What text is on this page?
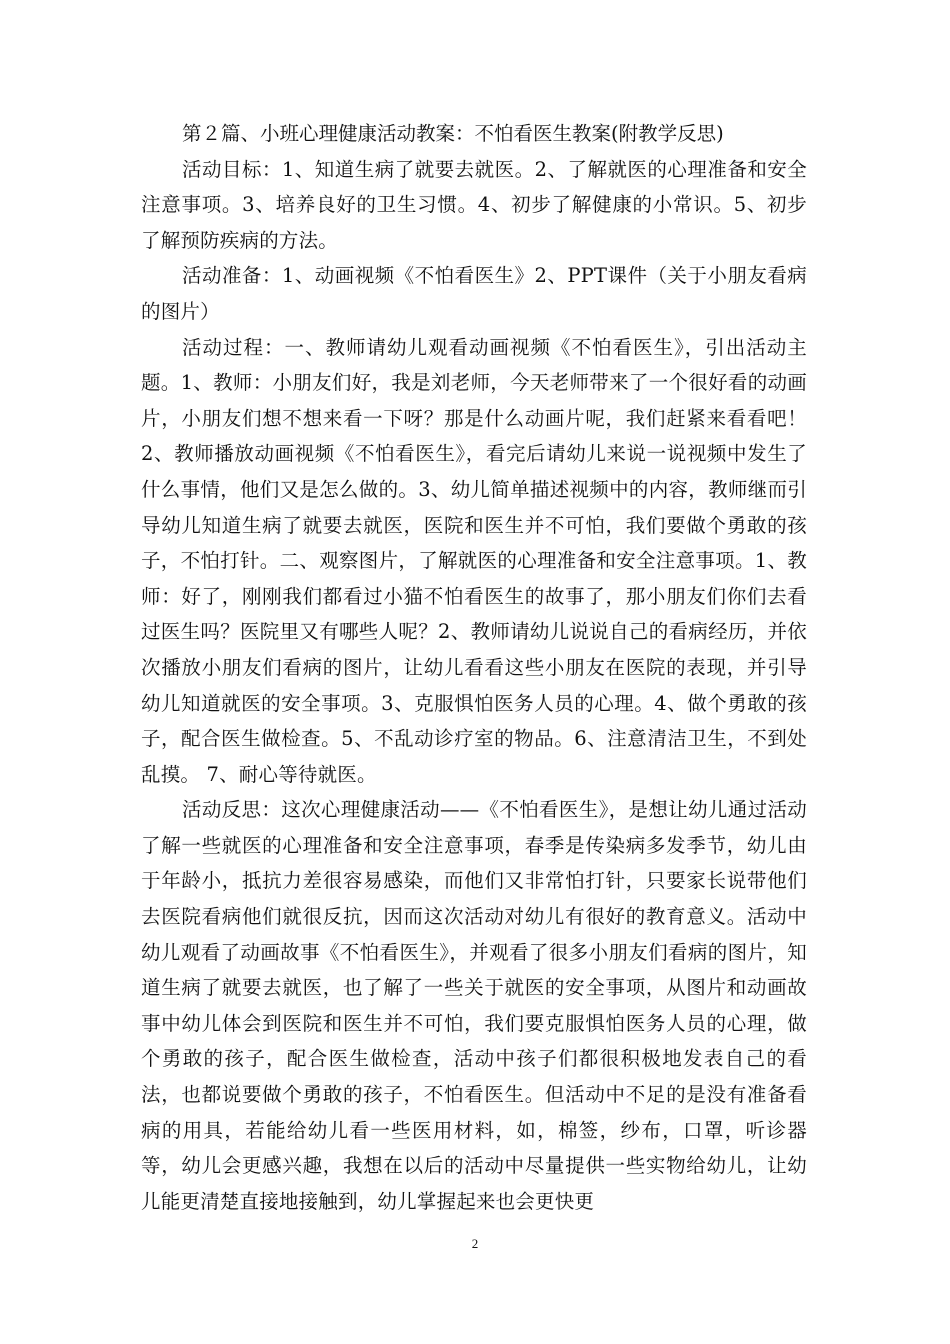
第２篇、小班心理健康活动教案：不怕看医生教案(附教学反思)

活动目标：1、知道生病了就要去就医。2、了解就医的心理准备和安全注意事项。3、培养良好的卫生习惯。4、初步了解健康的小常识。5、初步了解预防疾病的方法。

活动准备：1、动画视频《不怕看医生》2、PPT课件（关于小朋友看病的图片）

活动过程：一、教师请幼儿观看动画视频《不怕看医生》，引出活动主题。1、教师：小朋友们好，我是刘老师，今天老师带来了一个很好看的动画片，小朋友们想不想来看一下呀？那是什么动画片呢，我们赶紧来看看吧！2、教师播放动画视频《不怕看医生》，看完后请幼儿来说一说视频中发生了什么事情，他们又是怎么做的。3、幼儿简单描述视频中的内容，教师继而引导幼儿知道生病了就要去就医，医院和医生并不可怕，我们要做个勇敢的孩子，不怕打针。二、观察图片，了解就医的心理准备和安全注意事项。1、教师：好了，刚刚我们都看过小猫不怕看医生的故事了，那小朋友们你们去看过医生吗？医院里又有哪些人呢？2、教师请幼儿说说自己的看病经历，并依次播放小朋友们看病的图片，让幼儿看看这些小朋友在医院的表现，并引导幼儿知道就医的安全事项。3、克服惧怕医务人员的心理。4、做个勇敢的孩子，配合医生做检查。5、不乱动诊疗室的物品。6、注意清洁卫生，不到处乱摸。 7、耐心等待就医。

活动反思：这次心理健康活动——《不怕看医生》，是想让幼儿通过活动了解一些就医的心理准备和安全注意事项，春季是传染病多发季节，幼儿由于年龄小，抵抗力差很容易感染，而他们又非常怕打针，只要家长说带他们去医院看病他们就很反抗，因而这次活动对幼儿有很好的教育意义。活动中幼儿观看了动画故事《不怕看医生》，并观看了很多小朋友们看病的图片，知道生病了就要去就医，也了解了一些关于就医的安全事项，从图片和动画故事中幼儿体会到医院和医生并不可怕，我们要克服惧怕医务人员的心理，做个勇敢的孩子，配合医生做检查，活动中孩子们都很积极地发表自己的看法，也都说要做个勇敢的孩子，不怕看医生。但活动中不足的是没有准备看病的用具，若能给幼儿看一些医用材料，如，棉签，纱布，口罩，听诊器等，幼儿会更感兴趣，我想在以后的活动中尽量提供一些实物给幼儿，让幼儿能更清楚直接地接触到，幼儿掌握起来也会更快更

2
